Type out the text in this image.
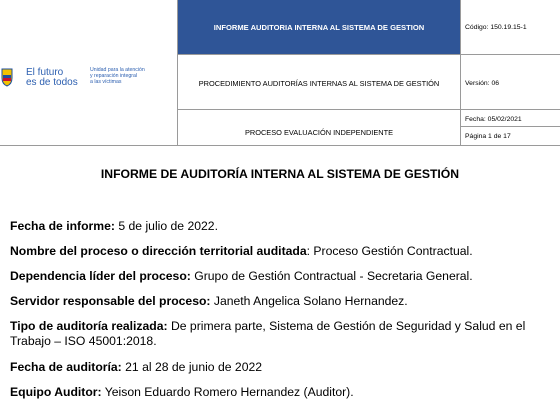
El futuro
es de todos
Unidad para la atención
y reparación integral
a las víctimas
INFORME AUDITORIA INTERNA AL SISTEMA DE GESTION
PROCEDIMIENTO AUDITORÍAS INTERNAS AL SISTEMA DE GESTIÓN
PROCESO EVALUACIÓN INDEPENDIENTE
Código: 150.19.15-1
Versión: 06
Fecha: 05/02/2021
Página 1 de 17
INFORME DE AUDITORÍA INTERNA AL SISTEMA DE GESTIÓN
Fecha de informe: 5 de julio de 2022.
Nombre del proceso o dirección territorial auditada: Proceso Gestión Contractual.
Dependencia líder del proceso: Grupo de Gestión Contractual - Secretaria General.
Servidor responsable del proceso: Janeth Angelica Solano Hernandez.
Tipo de auditoría realizada: De primera parte, Sistema de Gestión de Seguridad y Salud en el Trabajo – ISO 45001:2018.
Fecha de auditoría: 21 al 28 de junio de 2022
Equipo Auditor: Yeison Eduardo Romero Hernandez (Auditor).
